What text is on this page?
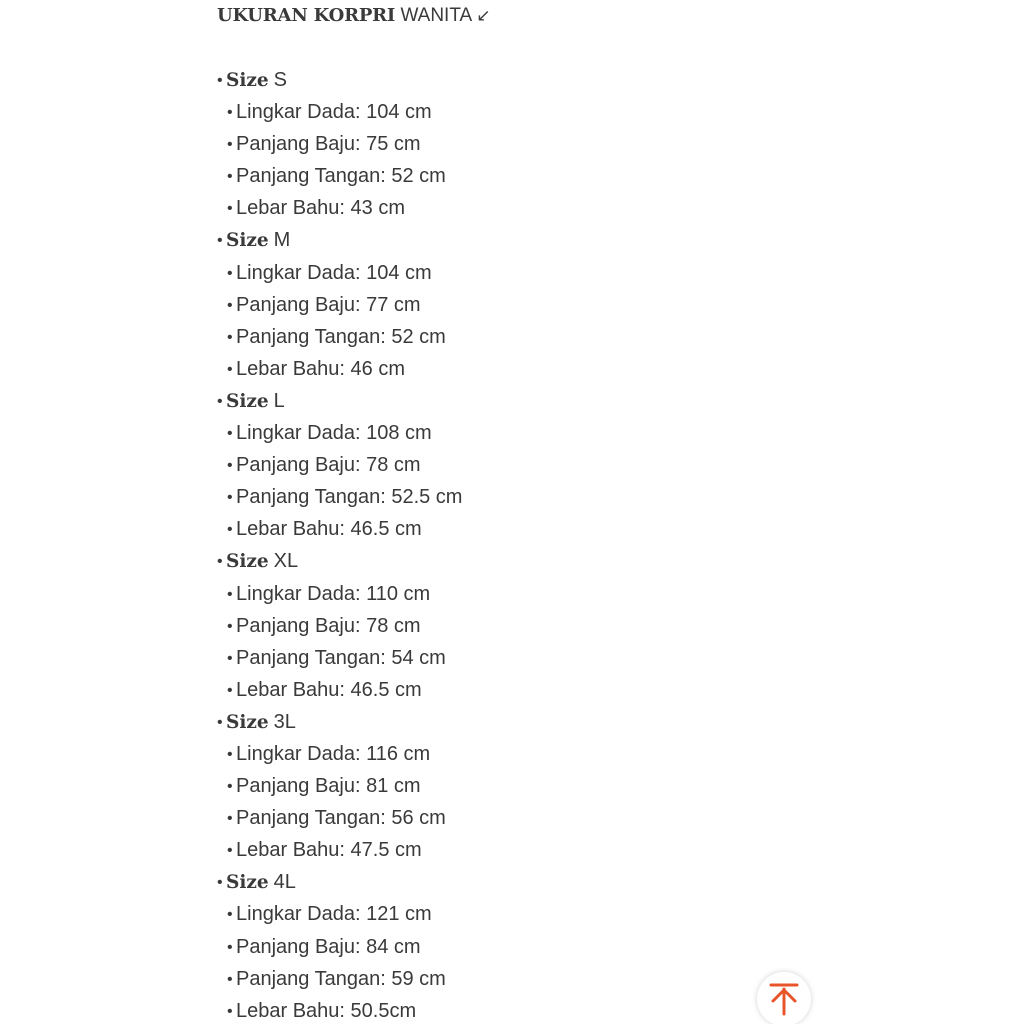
UKURAN KORPRI WANITA ↙
• Size S
• Lingkar Dada: 104 cm
• Panjang Baju: 75 cm
• Panjang Tangan: 52 cm
• Lebar Bahu: 43 cm
• Size M
• Lingkar Dada: 104 cm
• Panjang Baju: 77 cm
• Panjang Tangan: 52 cm
• Lebar Bahu: 46 cm
• Size L
• Lingkar Dada: 108 cm
• Panjang Baju: 78 cm
• Panjang Tangan: 52.5 cm
• Lebar Bahu: 46.5 cm
• Size XL
• Lingkar Dada: 110 cm
• Panjang Baju: 78 cm
• Panjang Tangan: 54 cm
• Lebar Bahu: 46.5 cm
• Size 3L
• Lingkar Dada: 116 cm
• Panjang Baju: 81 cm
• Panjang Tangan: 56 cm
• Lebar Bahu: 47.5 cm
• Size 4L
• Lingkar Dada: 121 cm
• Panjang Baju: 84 cm
• Panjang Tangan: 59 cm
• Lebar Bahu: 50.5cm
